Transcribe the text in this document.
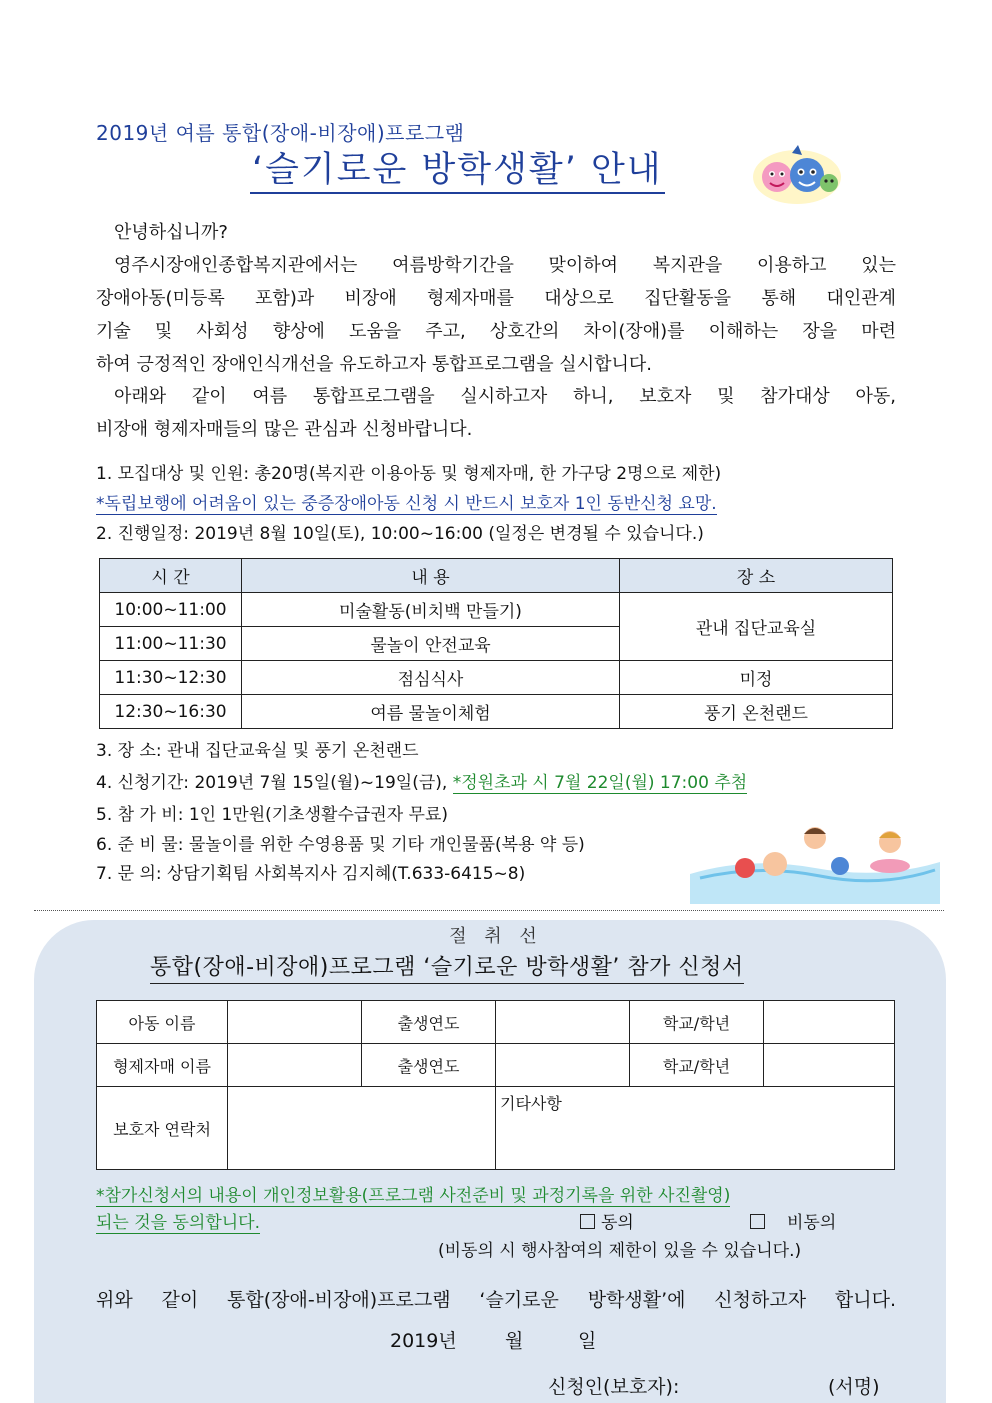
2019년 여름 통합(장애-비장애)프로그램
‘슬기로운 방학생활’ 안내
안녕하십니까?
영주시장애인종합복지관에서는 여름방학기간을 맞이하여 복지관을 이용하고 있는
장애아동(미등록 포함)과 비장애 형제자매를 대상으로 집단활동을 통해 대인관계
기술 및 사회성 향상에 도움을 주고, 상호간의 차이(장애)를 이해하는 장을 마련
하여 긍정적인 장애인식개선을 유도하고자 통합프로그램을 실시합니다.
아래와 같이 여름 통합프로그램을 실시하고자 하니, 보호자 및 참가대상 아동,
비장애 형제자매들의 많은 관심과 신청바랍니다.
1. 모집대상 및 인원: 총20명(복지관 이용아동 및 형제자매, 한 가구당 2명으로 제한)
*독립보행에 어려움이 있는 중증장애아동 신청 시 반드시 보호자 1인 동반신청 요망.
2. 진행일정: 2019년 8월 10일(토), 10:00~16:00 (일정은 변경될 수 있습니다.)
시 간	내 용	장 소
10:00~11:00	미술활동(비치백 만들기)	관내 집단교육실
11:00~11:30	물놀이 안전교육	
11:30~12:30	점심식사	미정
12:30~16:30	여름 물놀이체험	풍기 온천랜드
3. 장 소: 관내 집단교육실 및 풍기 온천랜드
4. 신청기간: 2019년 7월 15일(월)~19일(금), *정원초과 시 7월 22일(월) 17:00 추첨
5. 참 가 비: 1인 1만원(기초생활수급권자 무료)
6. 준 비 물: 물놀이를 위한 수영용품 및 기타 개인물품(복용 약 등)
7. 문 의: 상담기획팀 사회복지사 김지혜(T.633-6415~8)
절 취 선
통합(장애-비장애)프로그램 ‘슬기로운 방학생활’ 참가 신청서
아동 이름		출생연도		학교/학년	
형제자매 이름		출생연도		학교/학년	
보호자 연락처			기타사항		
*참가신청서의 내용이 개인정보활용(프로그램 사전준비 및 과정기록을 위한 사진촬영)
되는 것을 동의합니다.	동의	비동의
(비동의 시 행사참여의 제한이 있을 수 있습니다.)
위와 같이 통합(장애-비장애)프로그램 ‘슬기로운 방학생활’에 신청하고자 합니다.
2019년	월	일
신청인(보호자):	(서명)
